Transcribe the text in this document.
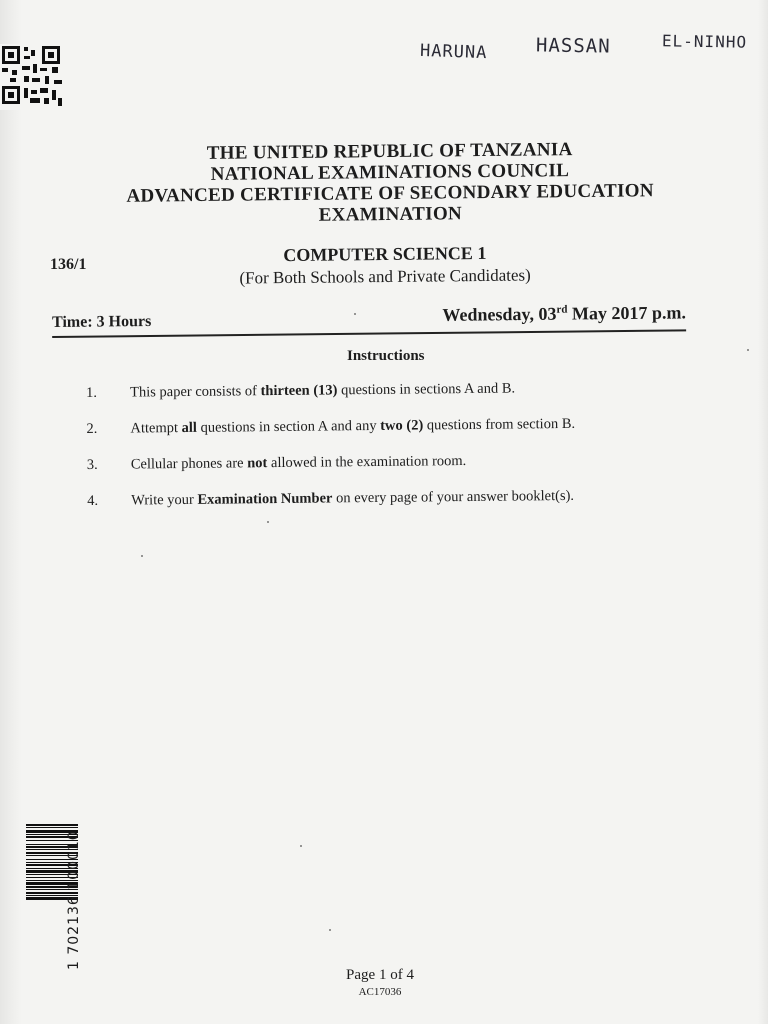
HARUNA	HASSAN	EL-NINHO
THE UNITED REPUBLIC OF TANZANIA
NATIONAL EXAMINATIONS COUNCIL
ADVANCED CERTIFICATE OF SECONDARY EDUCATION
EXAMINATION
136/1	COMPUTER SCIENCE 1
(For Both Schools and Private Candidates)
Time: 3 Hours	Wednesday, 03rd May 2017 p.m.
Instructions
1.	This paper consists of thirteen (13) questions in sections A and B.
2.	Attempt all questions in section A and any two (2) questions from section B.
3.	Cellular phones are not allowed in the examination room.
4.	Write your Examination Number on every page of your answer booklet(s).
1 702136 100010
Page 1 of 4
AC17036
